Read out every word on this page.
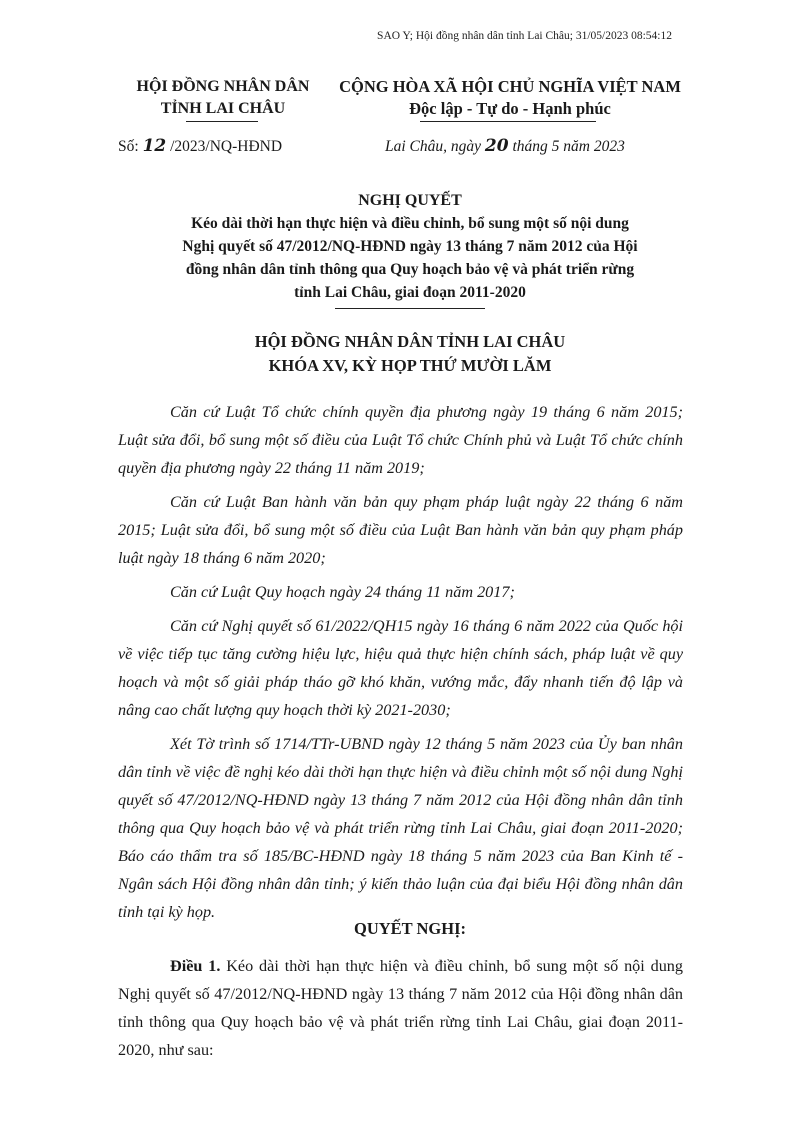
SAO Y; Hội đồng nhân dân tỉnh Lai Châu; 31/05/2023 08:54:12
HỘI ĐỒNG NHÂN DÂN
TỈNH LAI CHÂU
CỘNG HÒA XÃ HỘI CHỦ NGHĨA VIỆT NAM
Độc lập - Tự do - Hạnh phúc
Số: 12 /2023/NQ-HĐND	Lai Châu, ngày 20 tháng 5 năm 2023
NGHỊ QUYẾT
Kéo dài thời hạn thực hiện và điều chỉnh, bổ sung một số nội dung
Nghị quyết số 47/2012/NQ-HĐND ngày 13 tháng 7 năm 2012 của Hội
đồng nhân dân tỉnh thông qua Quy hoạch bảo vệ và phát triển rừng
tỉnh Lai Châu, giai đoạn 2011-2020
HỘI ĐỒNG NHÂN DÂN TỈNH LAI CHÂU
KHÓA XV, KỲ HỌP THỨ MƯỜI LĂM

Căn cứ Luật Tổ chức chính quyền địa phương ngày 19 tháng 6 năm 2015; Luật sửa đổi, bổ sung một số điều của Luật Tổ chức Chính phủ và Luật Tổ chức chính quyền địa phương ngày 22 tháng 11 năm 2019;

Căn cứ Luật Ban hành văn bản quy phạm pháp luật ngày 22 tháng 6 năm 2015; Luật sửa đổi, bổ sung một số điều của Luật Ban hành văn bản quy phạm pháp luật ngày 18 tháng 6 năm 2020;

Căn cứ Luật Quy hoạch ngày 24 tháng 11 năm 2017;

Căn cứ Nghị quyết số 61/2022/QH15 ngày 16 tháng 6 năm 2022 của Quốc hội về việc tiếp tục tăng cường hiệu lực, hiệu quả thực hiện chính sách, pháp luật về quy hoạch và một số giải pháp tháo gỡ khó khăn, vướng mắc, đẩy nhanh tiến độ lập và nâng cao chất lượng quy hoạch thời kỳ 2021-2030;

Xét Tờ trình số 1714/TTr-UBND ngày 12 tháng 5 năm 2023 của Ủy ban nhân dân tỉnh về việc đề nghị kéo dài thời hạn thực hiện và điều chỉnh một số nội dung Nghị quyết số 47/2012/NQ-HĐND ngày 13 tháng 7 năm 2012 của Hội đồng nhân dân tỉnh thông qua Quy hoạch bảo vệ và phát triển rừng tỉnh Lai Châu, giai đoạn 2011-2020; Báo cáo thẩm tra số 185/BC-HĐND ngày 18 tháng 5 năm 2023 của Ban Kinh tế - Ngân sách Hội đồng nhân dân tỉnh; ý kiến thảo luận của đại biểu Hội đồng nhân dân tỉnh tại kỳ họp.

QUYẾT NGHỊ:

Điều 1. Kéo dài thời hạn thực hiện và điều chỉnh, bổ sung một số nội dung Nghị quyết số 47/2012/NQ-HĐND ngày 13 tháng 7 năm 2012 của Hội đồng nhân dân tỉnh thông qua Quy hoạch bảo vệ và phát triển rừng tỉnh Lai Châu, giai đoạn 2011-2020, như sau:
